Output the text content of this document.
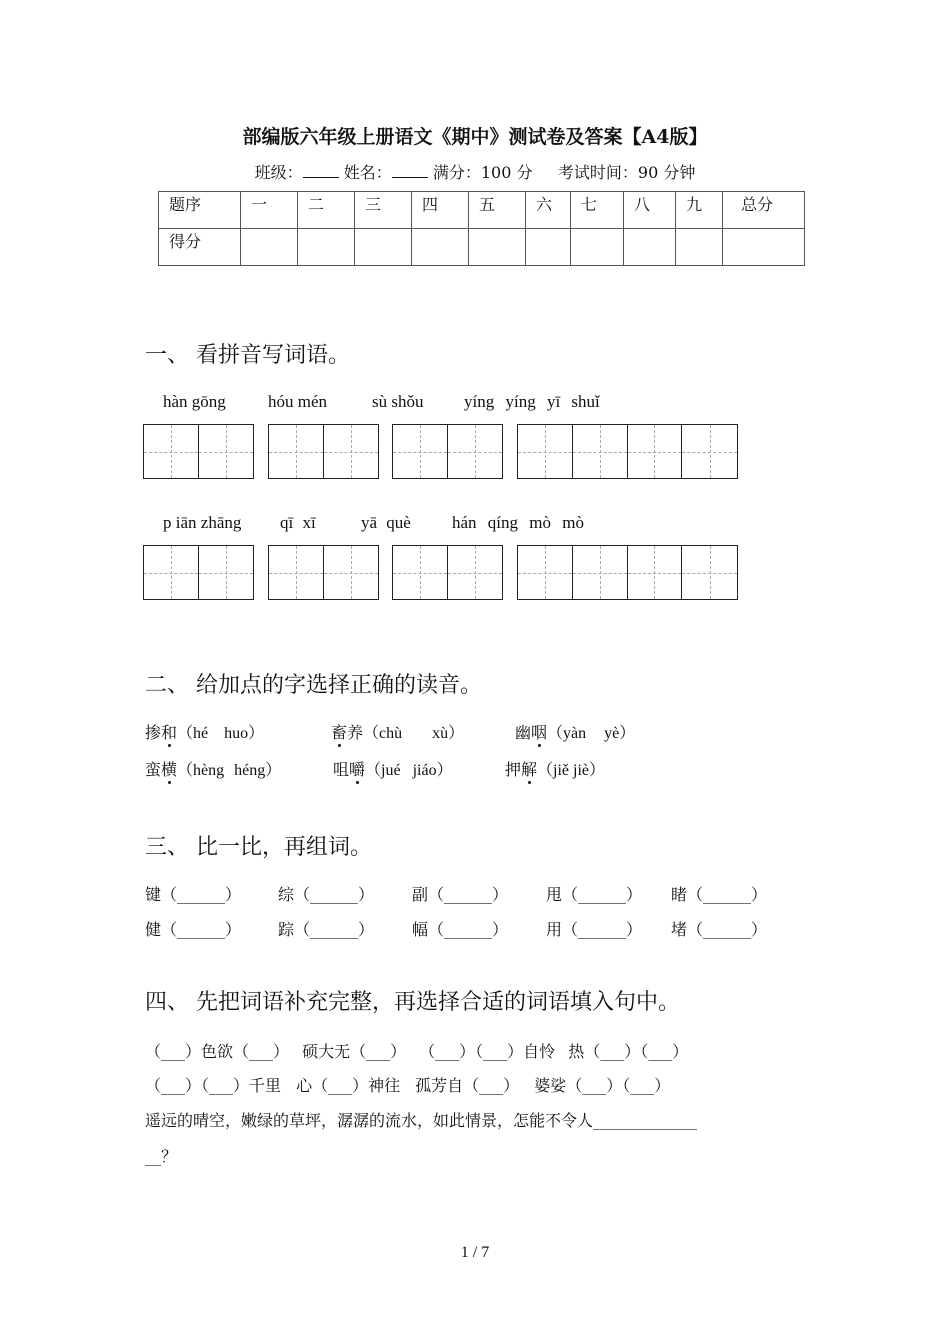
部编版六年级上册语文《期中》测试卷及答案【A4版】
班级：	姓名：	满分：100 分 考试时间：90 分钟
题序	一	二	三	四	五	六	七	八	九	总分
得分										
一、 看拼音写词语。
hàn gōng hóu mén	sù shǒu yíng yíng yī shuǐ
p iān zhāng qī xī	yā què hán qíng mò mò
二、 给加点的字选择正确的读音。
掺和（hé huo）	畜养（chù xù）	幽咽（yàn yè）
蛮横（hèng héng）	咀嚼（jué jiáo）	押解（jiě jiè）
三、 比一比，再组词。
键（______） 综（______） 副（______） 甩（______） 睹（______）
健（______） 踪（______） 幅（______） 用（______） 堵（______）
四、 先把词语补充完整，再选择合适的词语填入句中。
（___）色欲（___） 硕大无（___） （___）（___）自怜 热（___）（___）
（___）（___）千里 心（___）神往 孤芳自（___） 婆娑（___）（___）
遥远的晴空，嫩绿的草坪，潺潺的流水，如此情景，怎能不令人_____________
__？
1 / 7
